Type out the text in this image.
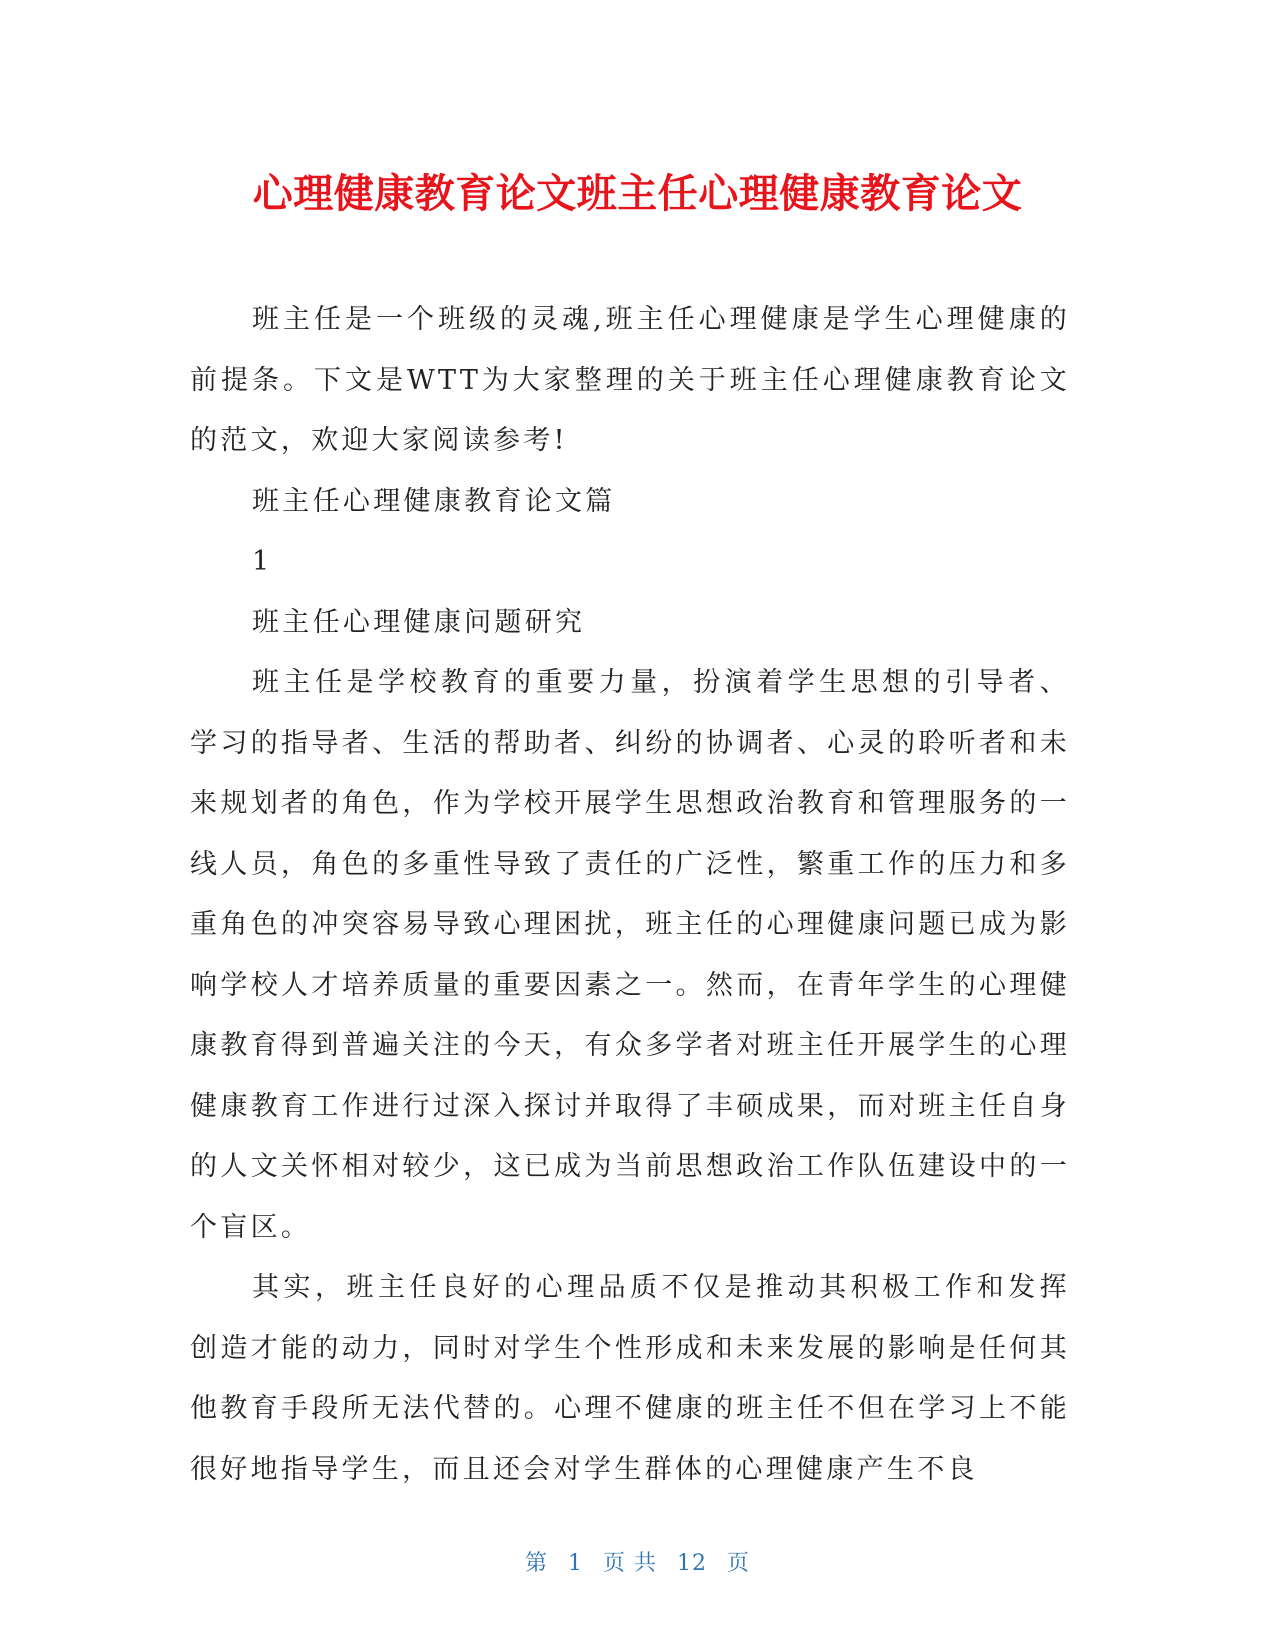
心理健康教育论文班主任心理健康教育论文

班主任是一个班级的灵魂,班主任心理健康是学生心理健康的前提条。下文是WTT为大家整理的关于班主任心理健康教育论文的范文，欢迎大家阅读参考!

班主任心理健康教育论文篇

1

班主任心理健康问题研究

班主任是学校教育的重要力量，扮演着学生思想的引导者、学习的指导者、生活的帮助者、纠纷的协调者、心灵的聆听者和未来规划者的角色，作为学校开展学生思想政治教育和管理服务的一线人员，角色的多重性导致了责任的广泛性，繁重工作的压力和多重角色的冲突容易导致心理困扰，班主任的心理健康问题已成为影响学校人才培养质量的重要因素之一。然而，在青年学生的心理健康教育得到普遍关注的今天，有众多学者对班主任开展学生的心理健康教育工作进行过深入探讨并取得了丰硕成果，而对班主任自身的人文关怀相对较少，这已成为当前思想政治工作队伍建设中的一个盲区。

其实，班主任良好的心理品质不仅是推动其积极工作和发挥创造才能的动力，同时对学生个性形成和未来发展的影响是任何其他教育手段所无法代替的。心理不健康的班主任不但在学习上不能很好地指导学生，而且还会对学生群体的心理健康产生不良

第 1 页 共 12 页
